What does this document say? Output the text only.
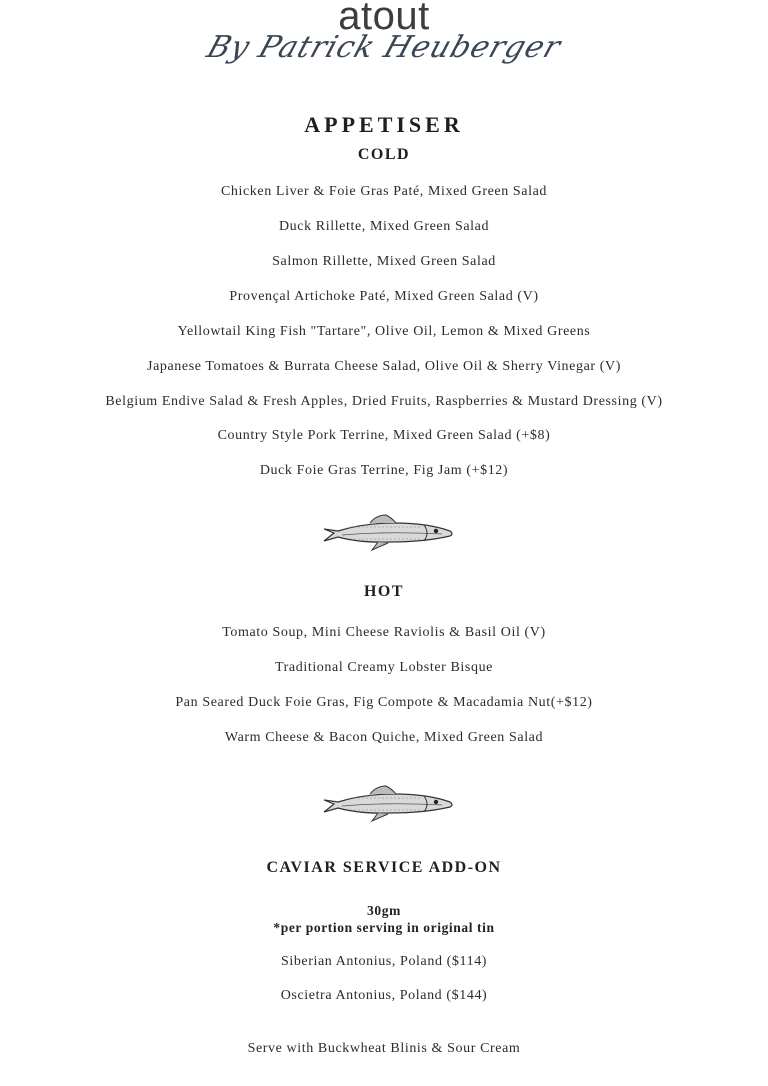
atout
By Patrick Heuberger
APPETISER
COLD
Chicken Liver & Foie Gras Paté, Mixed Green Salad
Duck Rillette, Mixed Green Salad
Salmon Rillette, Mixed Green Salad
Provençal Artichoke Paté, Mixed Green Salad (V)
Yellowtail King Fish "Tartare", Olive Oil, Lemon & Mixed Greens
Japanese Tomatoes & Burrata Cheese Salad, Olive Oil & Sherry Vinegar (V)
Belgium Endive Salad & Fresh Apples, Dried Fruits, Raspberries & Mustard Dressing (V)
Country Style Pork Terrine, Mixed Green Salad (+$8)
Duck Foie Gras Terrine, Fig Jam (+$12)
HOT
Tomato Soup, Mini Cheese Raviolis & Basil Oil (V)
Traditional Creamy Lobster Bisque
Pan Seared Duck Foie Gras, Fig Compote & Macadamia Nut(+$12)
Warm Cheese & Bacon Quiche, Mixed Green Salad
CAVIAR SERVICE ADD-ON
30gm
*per portion serving in original tin
Siberian Antonius, Poland ($114)
Oscietra Antonius, Poland ($144)
Serve with Buckwheat Blinis & Sour Cream
